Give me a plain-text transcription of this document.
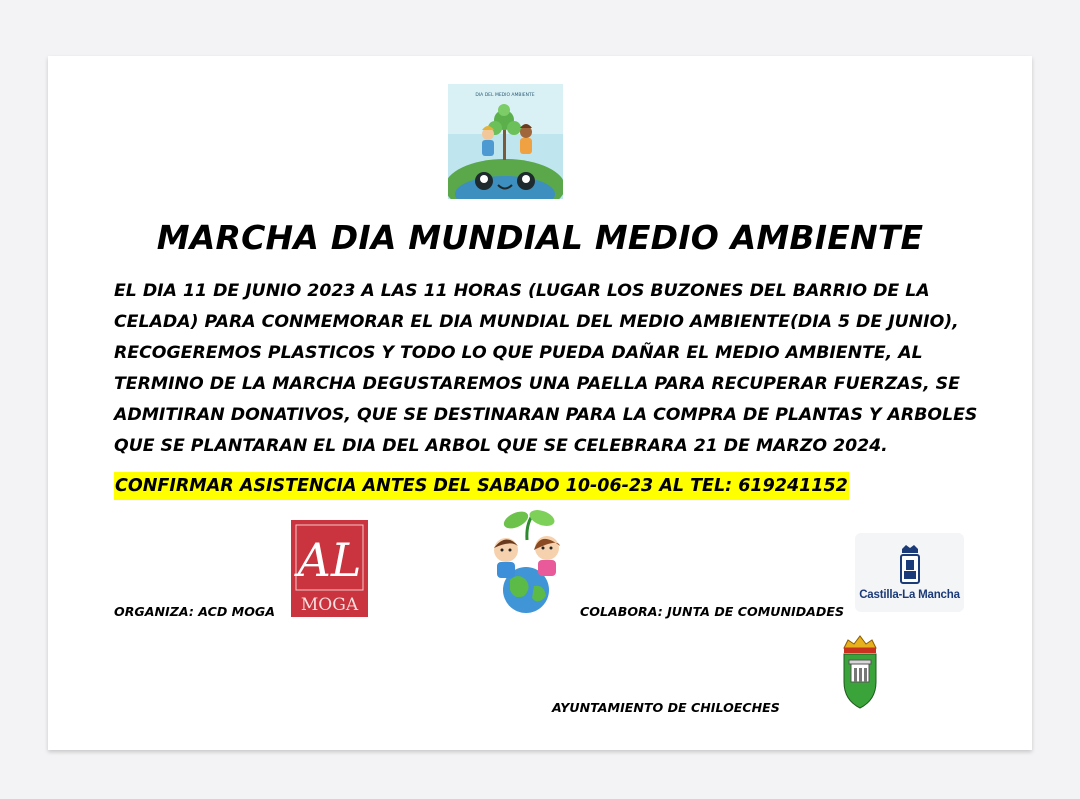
DIA DEL MEDIO AMBIENTE
MARCHA DIA MUNDIAL MEDIO AMBIENTE
EL DIA 11 DE JUNIO 2023 A LAS 11 HORAS (LUGAR LOS BUZONES DEL BARRIO DE LA
CELADA) PARA CONMEMORAR EL DIA MUNDIAL DEL MEDIO AMBIENTE(DIA 5 DE JUNIO),
RECOGEREMOS PLASTICOS Y TODO LO QUE PUEDA DAÑAR EL MEDIO AMBIENTE, AL
TERMINO DE LA MARCHA DEGUSTAREMOS UNA PAELLA PARA RECUPERAR FUERZAS, SE
ADMITIRAN DONATIVOS, QUE SE DESTINARAN PARA LA COMPRA DE PLANTAS Y ARBOLES
QUE SE PLANTARAN EL DIA DEL ARBOL QUE SE CELEBRARA 21 DE MARZO 2024.
CONFIRMAR ASISTENCIA ANTES DEL SABADO 10-06-23 AL TEL: 619241152
ORGANIZA: ACD MOGA
AL
MOGA	COLABORA: JUNTA DE COMUNIDADES
Castilla-La Mancha
AYUNTAMIENTO DE CHILOECHES
